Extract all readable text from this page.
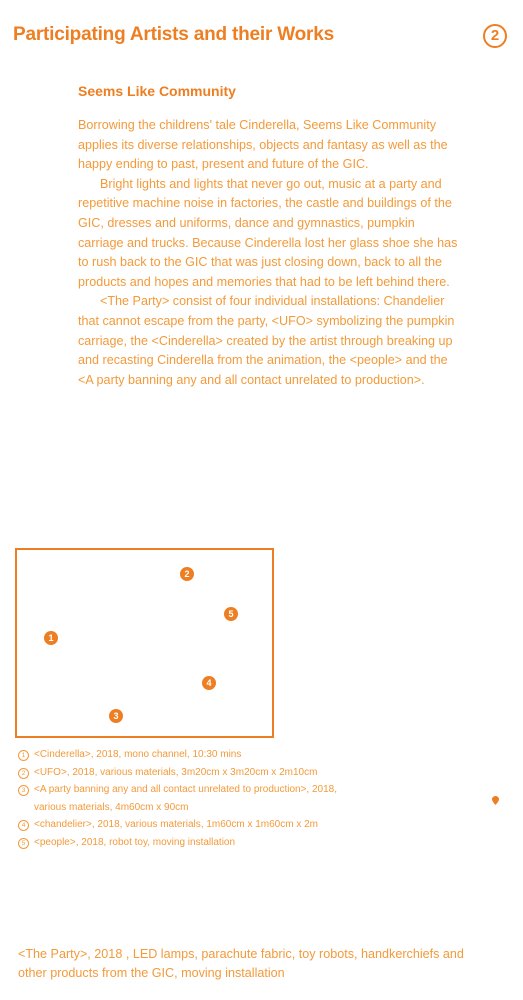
Participating Artists and their Works	2
Seems Like Community

Borrowing the childrens' tale Cinderella, Seems Like Community applies its diverse relationships, objects and fantasy as well as the happy ending to past, present and future of the GIC.

Bright lights and lights that never go out, music at a party and repetitive machine noise in factories, the castle and buildings of the GIC, dresses and uniforms, dance and gymnastics, pumpkin carriage and trucks. Because Cinderella lost her glass shoe she has to rush back to the GIC that was just closing down, back to all the products and hopes and memories that had to be left behind there.

<The Party> consist of four individual installations: Chandelier that cannot escape from the party, <UFO> symbolizing the pumpkin carriage, the <Cinderella> created by the artist through breaking up and recasting Cinderella from the animation, the <people> and the <A party banning any and all contact unrelated to production>.

1
2
3
4
5
1 <Cinderella>, 2018, mono channel, 10:30 mins
2 <UFO>, 2018, various materials, 3m20cm x 3m20cm x 2m10cm
3 <A party banning any and all contact unrelated to production>, 2018, various materials, 4m60cm x 90cm
4 <chandelier>, 2018, various materials, 1m60cm x 1m60cm x 2m
5 <people>, 2018, robot toy, moving installation
<The Party>, 2018 , LED lamps, parachute fabric, toy robots, handkerchiefs and other products from the GIC, moving installation
